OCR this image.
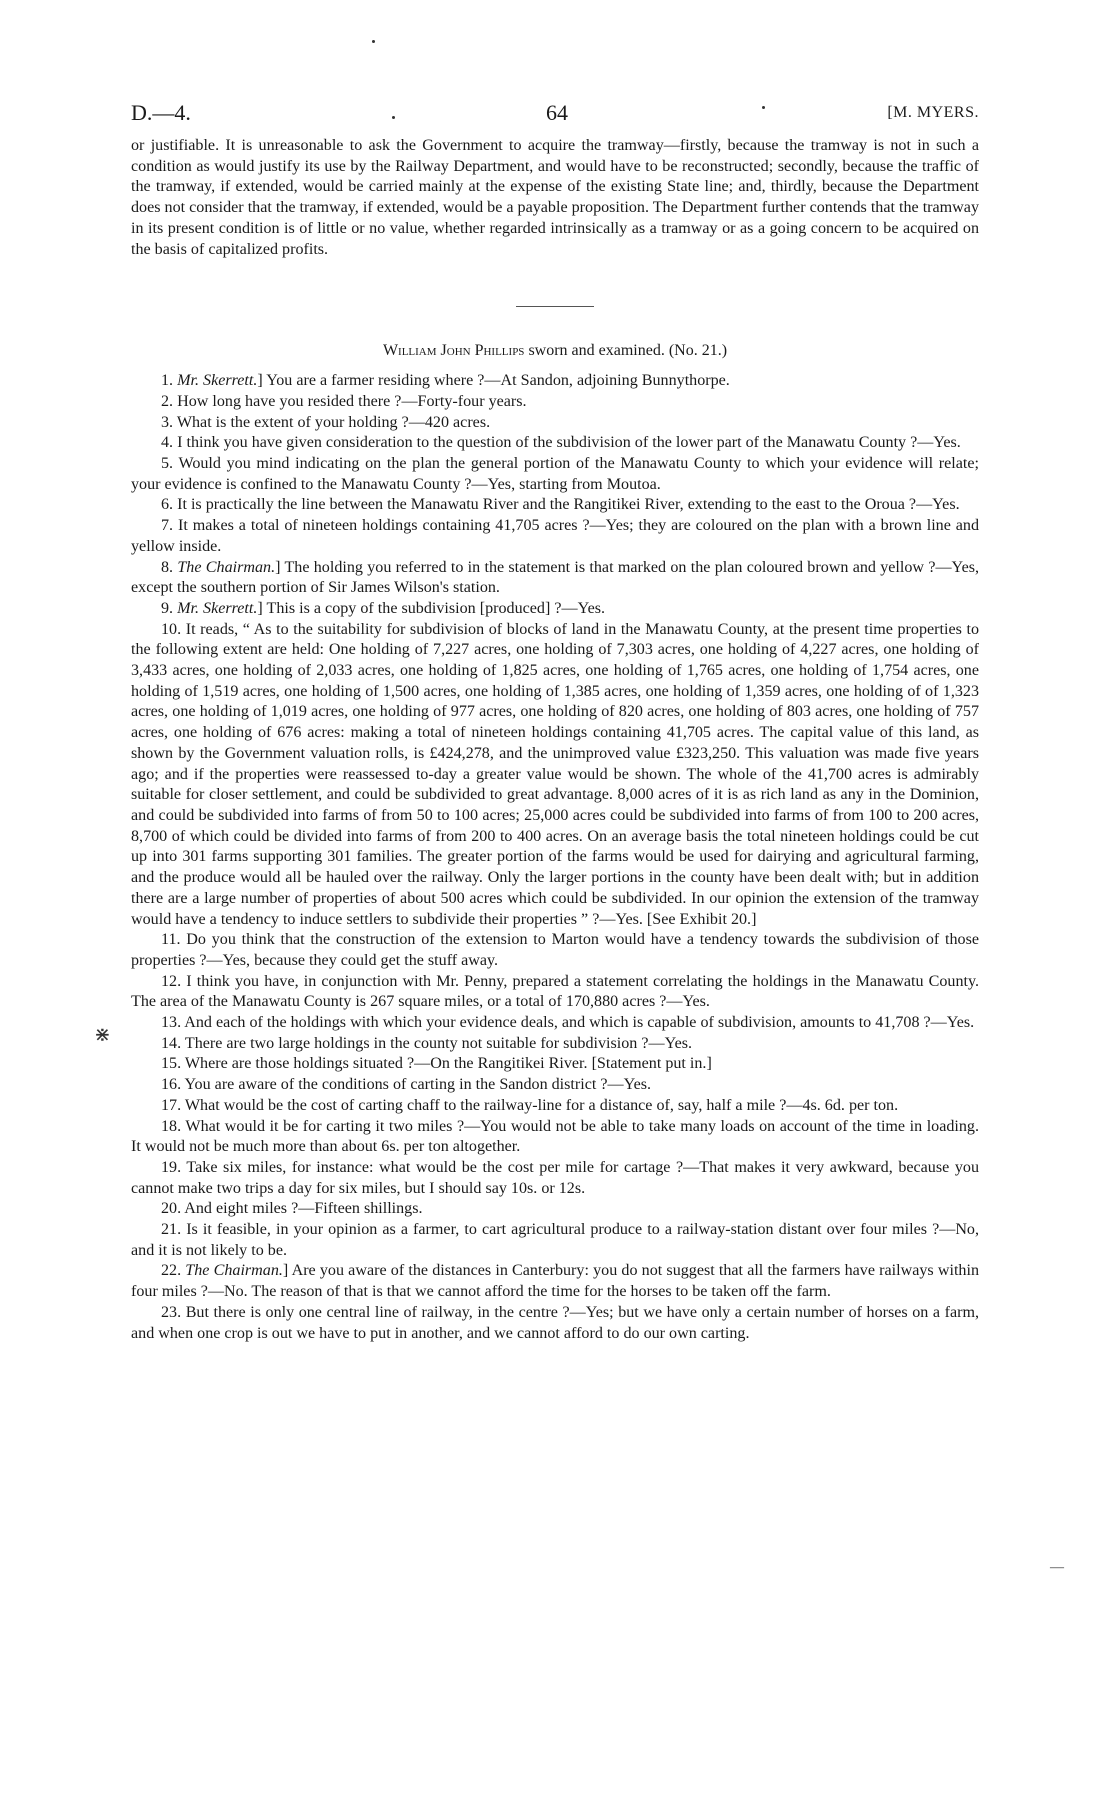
⋇
—
D.—4.	64	[M. MYERS.

or justifiable. It is unreasonable to ask the Government to acquire the tramway—firstly, because the tramway is not in such a condition as would justify its use by the Railway Department, and would have to be reconstructed; secondly, because the traffic of the tramway, if extended, would be carried mainly at the expense of the existing State line; and, thirdly, because the Department does not consider that the tramway, if extended, would be a payable proposition. The Department further contends that the tramway in its present condition is of little or no value, whether regarded intrinsically as a tramway or as a going concern to be acquired on the basis of capitalized profits.

William John Phillips sworn and examined. (No. 21.)

1. Mr. Skerrett.] You are a farmer residing where ?—At Sandon, adjoining Bunnythorpe.

2. How long have you resided there ?—Forty-four years.

3. What is the extent of your holding ?—420 acres.

4. I think you have given consideration to the question of the subdivision of the lower part of the Manawatu County ?—Yes.

5. Would you mind indicating on the plan the general portion of the Manawatu County to which your evidence will relate; your evidence is confined to the Manawatu County ?—Yes, starting from Moutoa.

6. It is practically the line between the Manawatu River and the Rangitikei River, extending to the east to the Oroua ?—Yes.

7. It makes a total of nineteen holdings containing 41,705 acres ?—Yes; they are coloured on the plan with a brown line and yellow inside.

8. The Chairman.] The holding you referred to in the statement is that marked on the plan coloured brown and yellow ?—Yes, except the southern portion of Sir James Wilson's station.

9. Mr. Skerrett.] This is a copy of the subdivision [produced] ?—Yes.

10. It reads, “ As to the suitability for subdivision of blocks of land in the Manawatu County, at the present time properties to the following extent are held: One holding of 7,227 acres, one holding of 7,303 acres, one holding of 4,227 acres, one holding of 3,433 acres, one holding of 2,033 acres, one holding of 1,825 acres, one holding of 1,765 acres, one holding of 1,754 acres, one holding of 1,519 acres, one holding of 1,500 acres, one holding of 1,385 acres, one holding of 1,359 acres, one holding of of 1,323 acres, one holding of 1,019 acres, one holding of 977 acres, one holding of 820 acres, one holding of 803 acres, one holding of 757 acres, one holding of 676 acres: making a total of nineteen holdings containing 41,705 acres. The capital value of this land, as shown by the Government valuation rolls, is £424,278, and the unimproved value £323,250. This valuation was made five years ago; and if the properties were reassessed to-day a greater value would be shown. The whole of the 41,700 acres is admirably suitable for closer settlement, and could be subdivided to great advantage. 8,000 acres of it is as rich land as any in the Dominion, and could be subdivided into farms of from 50 to 100 acres; 25,000 acres could be subdivided into farms of from 100 to 200 acres, 8,700 of which could be divided into farms of from 200 to 400 acres. On an average basis the total nineteen holdings could be cut up into 301 farms supporting 301 families. The greater portion of the farms would be used for dairying and agricultural farming, and the produce would all be hauled over the railway. Only the larger portions in the county have been dealt with; but in addition there are a large number of properties of about 500 acres which could be subdivided. In our opinion the extension of the tramway would have a tendency to induce settlers to subdivide their properties ” ?—Yes. [See Exhibit 20.]

11. Do you think that the construction of the extension to Marton would have a tendency towards the subdivision of those properties ?—Yes, because they could get the stuff away.

12. I think you have, in conjunction with Mr. Penny, prepared a statement correlating the holdings in the Manawatu County. The area of the Manawatu County is 267 square miles, or a total of 170,880 acres ?—Yes.

13. And each of the holdings with which your evidence deals, and which is capable of subdivision, amounts to 41,708 ?—Yes.

14. There are two large holdings in the county not suitable for subdivision ?—Yes.

15. Where are those holdings situated ?—On the Rangitikei River. [Statement put in.]

16. You are aware of the conditions of carting in the Sandon district ?—Yes.

17. What would be the cost of carting chaff to the railway-line for a distance of, say, half a mile ?—4s. 6d. per ton.

18. What would it be for carting it two miles ?—You would not be able to take many loads on account of the time in loading. It would not be much more than about 6s. per ton altogether.

19. Take six miles, for instance: what would be the cost per mile for cartage ?—That makes it very awkward, because you cannot make two trips a day for six miles, but I should say 10s. or 12s.

20. And eight miles ?—Fifteen shillings.

21. Is it feasible, in your opinion as a farmer, to cart agricultural produce to a railway-station distant over four miles ?—No, and it is not likely to be.

22. The Chairman.] Are you aware of the distances in Canterbury: you do not suggest that all the farmers have railways within four miles ?—No. The reason of that is that we cannot afford the time for the horses to be taken off the farm.

23. But there is only one central line of railway, in the centre ?—Yes; but we have only a certain number of horses on a farm, and when one crop is out we have to put in another, and we cannot afford to do our own carting.
